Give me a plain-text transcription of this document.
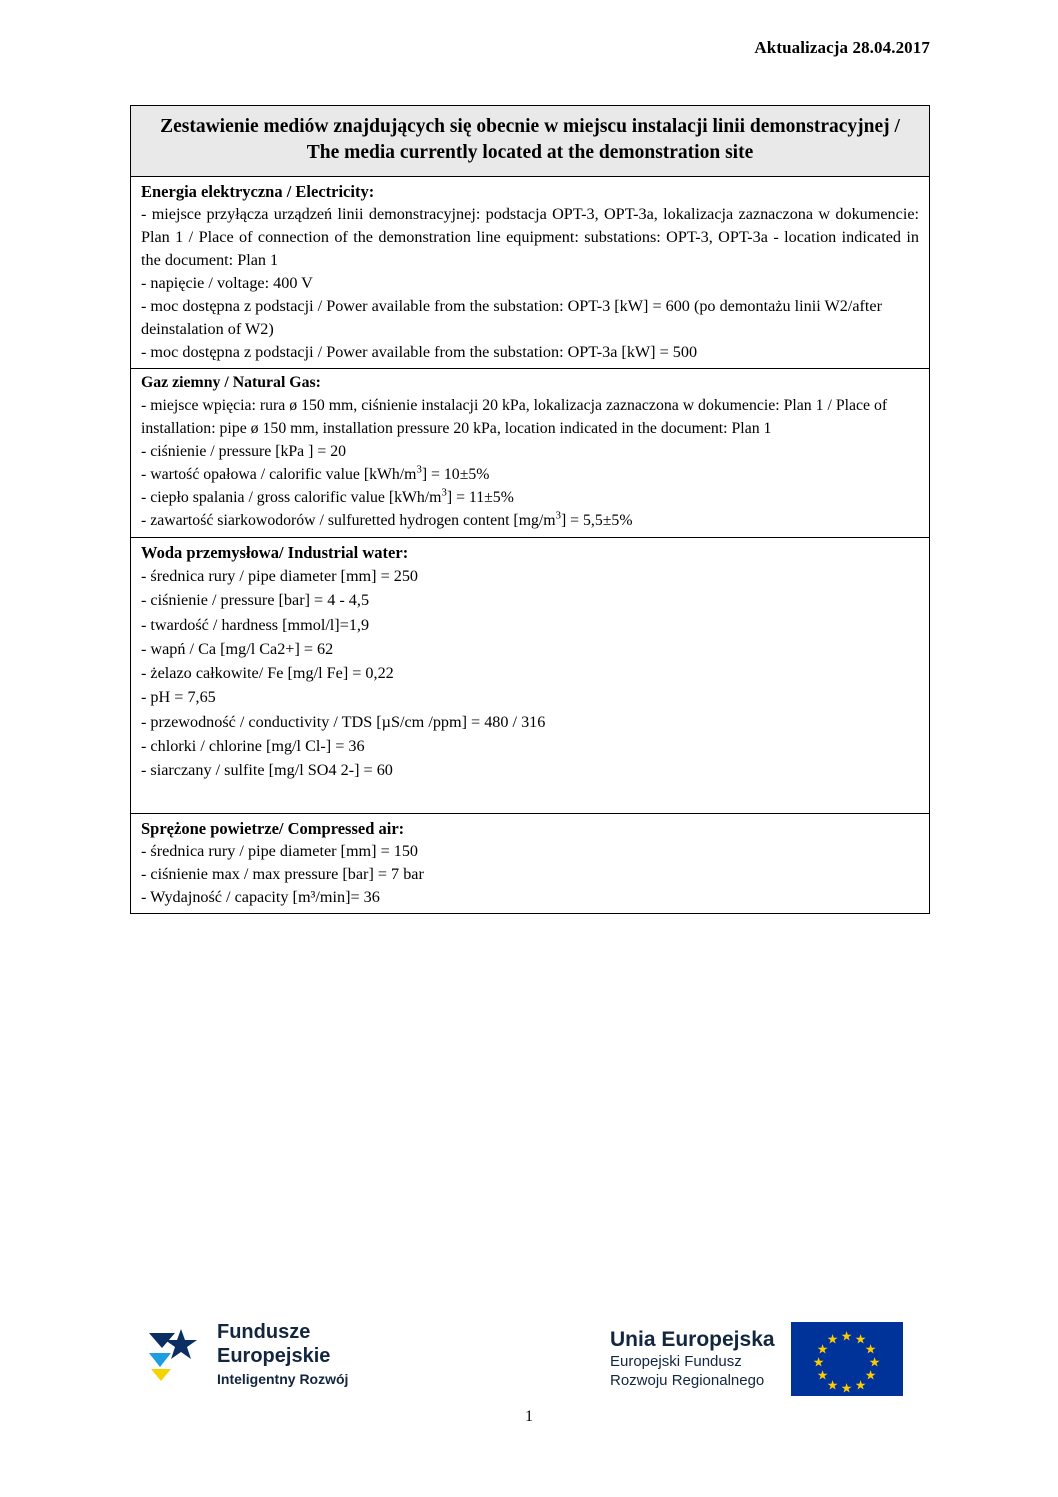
Aktualizacja 28.04.2017
Zestawienie mediów znajdujących się obecnie w miejscu instalacji linii demonstracyjnej / The media currently located at the demonstration site
Energia elektryczna / Electricity:
- miejsce przyłącza urządzeń linii demonstracyjnej: podstacja OPT-3, OPT-3a, lokalizacja zaznaczona w dokumencie: Plan 1 / Place of connection of the demonstration line equipment: substations: OPT-3, OPT-3a - location indicated in the document: Plan 1
- napięcie / voltage: 400 V
- moc dostępna z podstacji / Power available from the substation: OPT-3 [kW] = 600 (po demontażu linii W2/after deinstalation of W2)
- moc dostępna z podstacji / Power available from the substation: OPT-3a [kW] = 500
Gaz ziemny / Natural Gas:
- miejsce wpięcia: rura ø 150 mm, ciśnienie instalacji 20 kPa, lokalizacja zaznaczona w dokumencie: Plan 1 / Place of installation: pipe ø 150 mm, installation pressure 20 kPa, location indicated in the document: Plan 1
- ciśnienie / pressure [kPa ] = 20
- wartość opałowa / calorific value $[kWh/m^3] = 10\pm 5\%$
- ciepło spalania / gross calorific value $[kWh/m^3] = 11\pm 5\%$
- zawartość siarkowodorów / sulfuretted hydrogen content $[mg/m^3] = 5,5\pm 5\%$
Woda przemysłowa/ Industrial water:
- średnica rury / pipe diameter [mm] = 250
- ciśnienie / pressure [bar] = 4 - 4,5
- twardość / hardness [mmol/l]=1,9
- wapń / Ca [mg/l Ca2+] = 62
- żelazo całkowite/ Fe [mg/l Fe] = 0,22
- pH = 7,65
- przewodność / conductivity / TDS [µS/cm /ppm] = 480 / 316
- chlorki / chlorine [mg/l Cl-] = 36
- siarczany / sulfite [mg/l SO4 2-] = 60
Sprężone powietrze/ Compressed air:
- średnica rury / pipe diameter [mm] = 150
- ciśnienie max / max pressure [bar] = 7 bar
- Wydajność / capacity [m³/min]= 36
Fundusze
Europejskie
Inteligentny Rozwój
Unia Europejska
Europejski Fundusz
Rozwoju Regionalnego
★ ★
★
★
★
★
★
★
★
★
★
★
1
